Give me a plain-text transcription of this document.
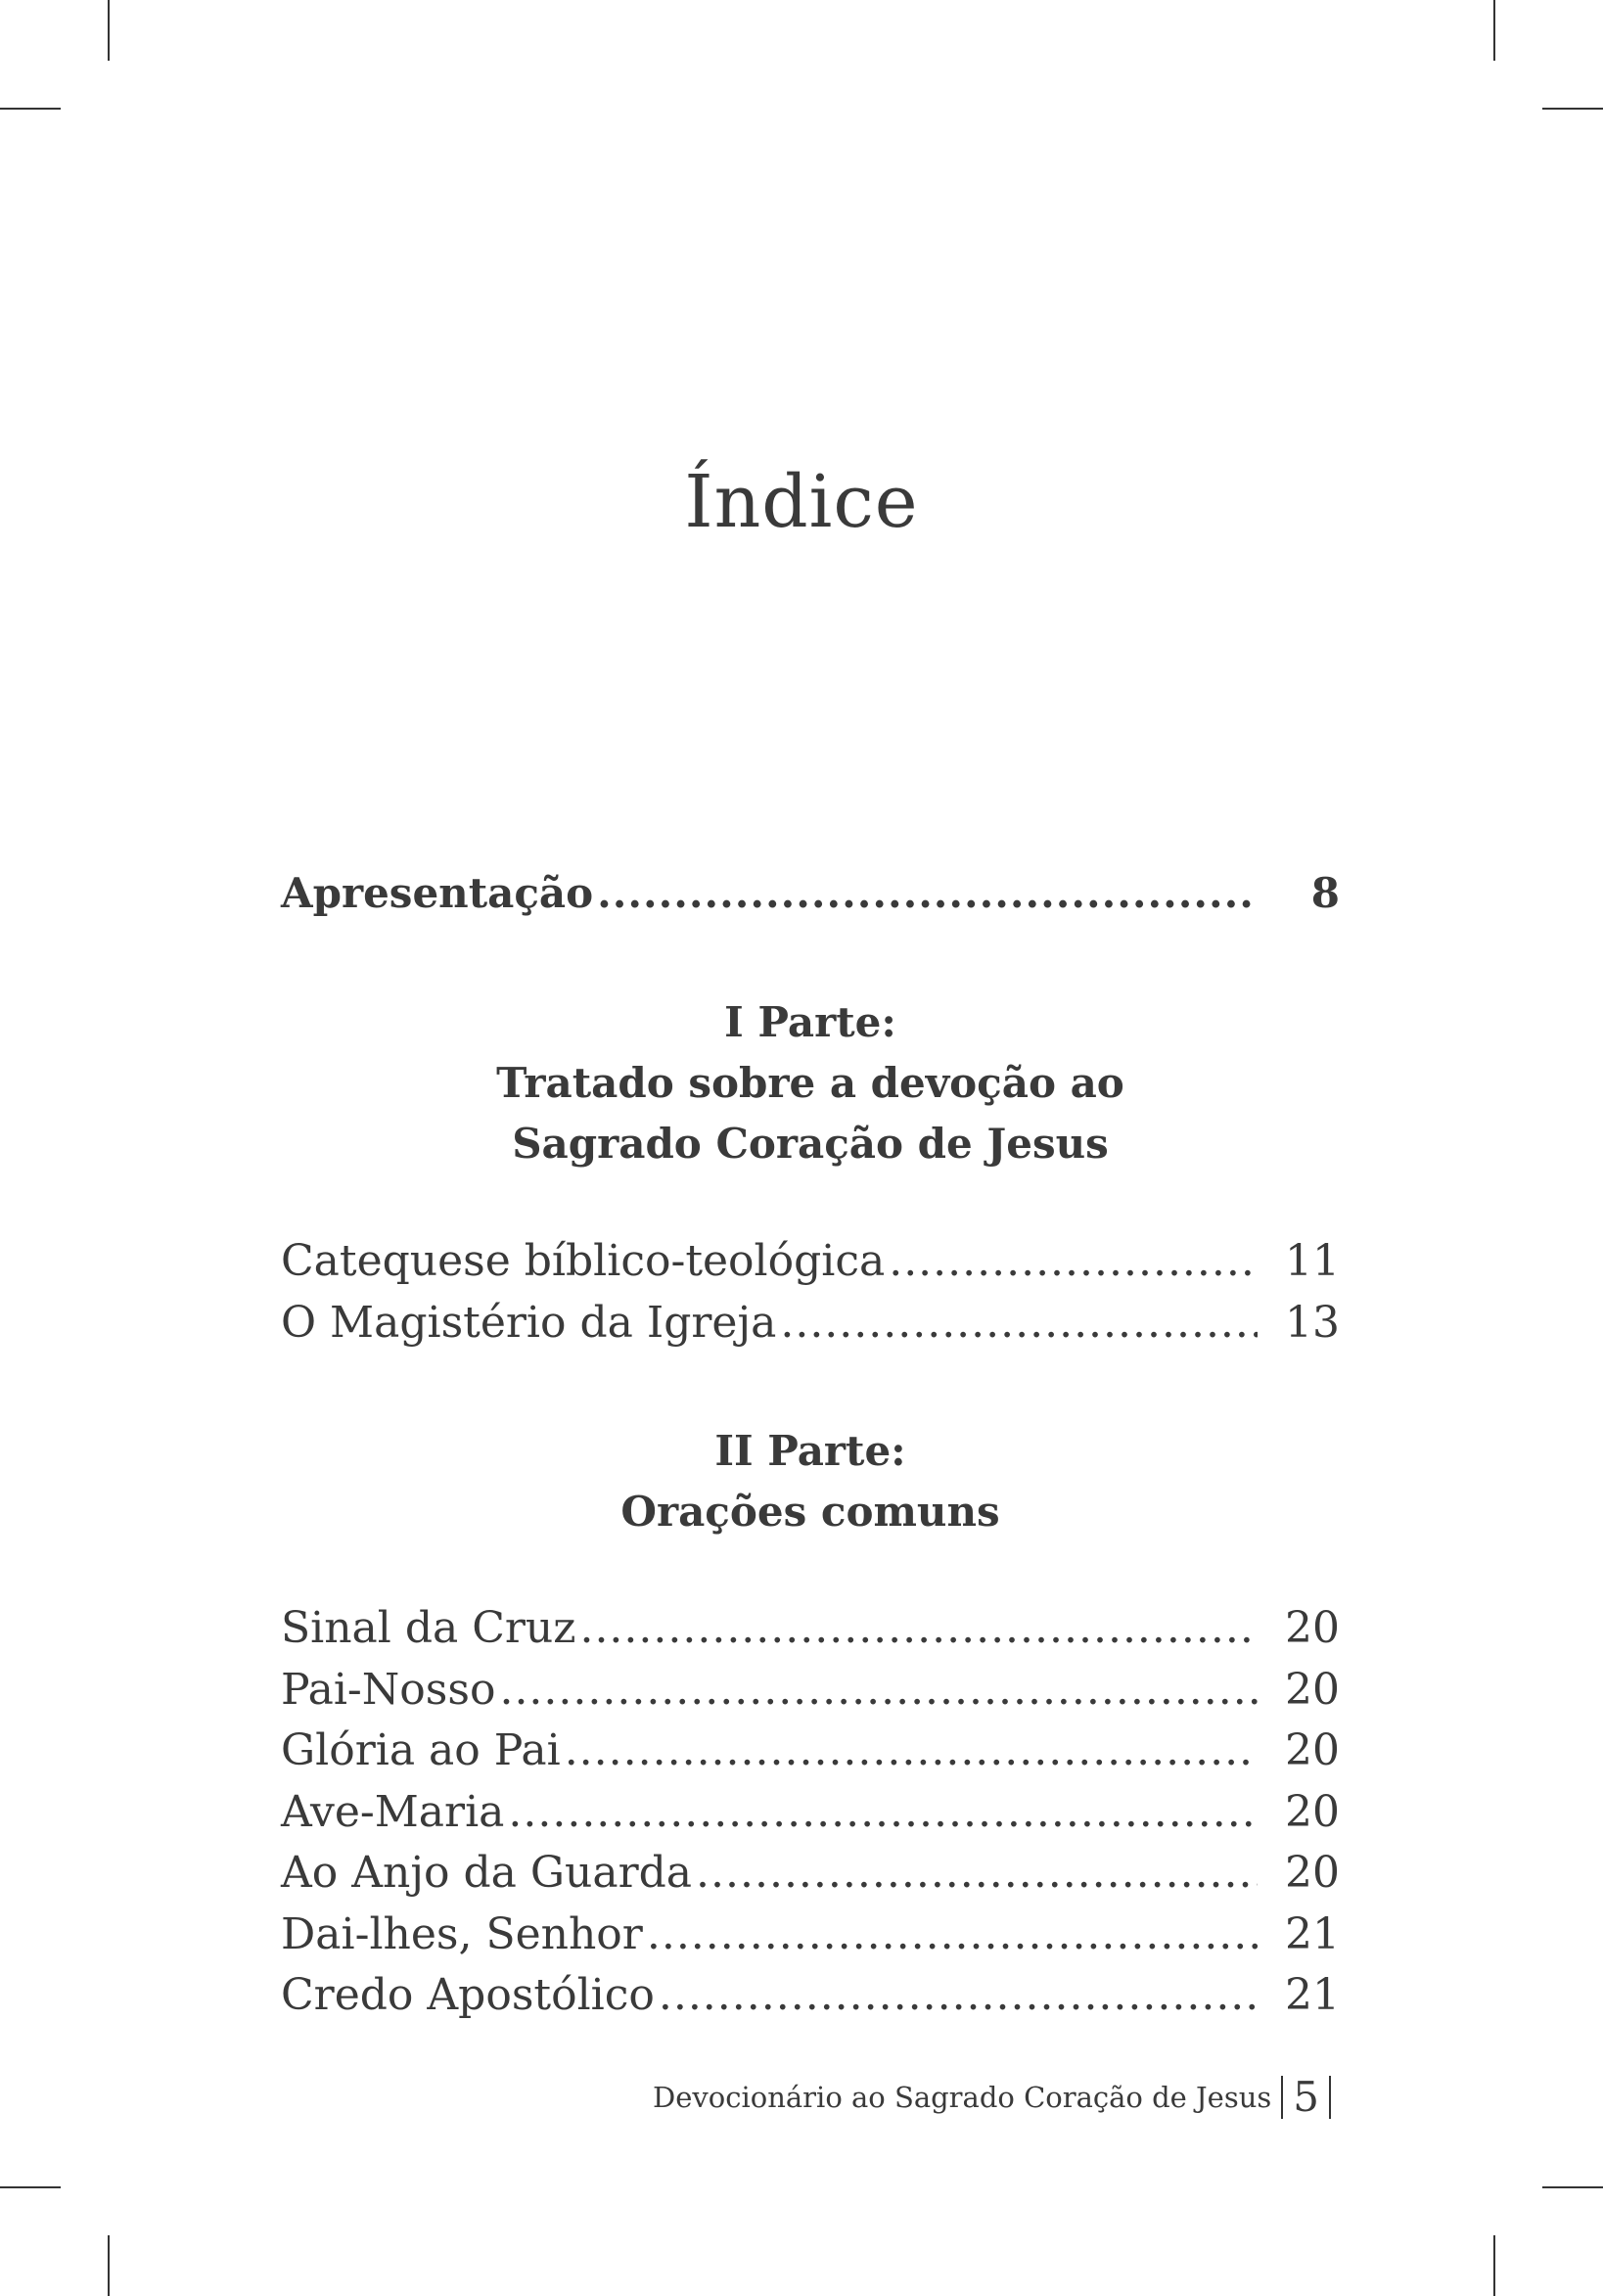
Índice
Apresentação .....	8
I Parte:
Tratado sobre a devoção ao
Sagrado Coração de Jesus
Catequese bíblico-teológica .....	11
O Magistério da Igreja .....	13
II Parte:
Orações comuns
Sinal da Cruz .....	20
Pai-Nosso .....	20
Glória ao Pai .....	20
Ave-Maria .....	20
Ao Anjo da Guarda .....	20
Dai-lhes, Senhor .....	21
Credo Apostólico .....	21
Devocionário ao Sagrado Coração de Jesus 5
